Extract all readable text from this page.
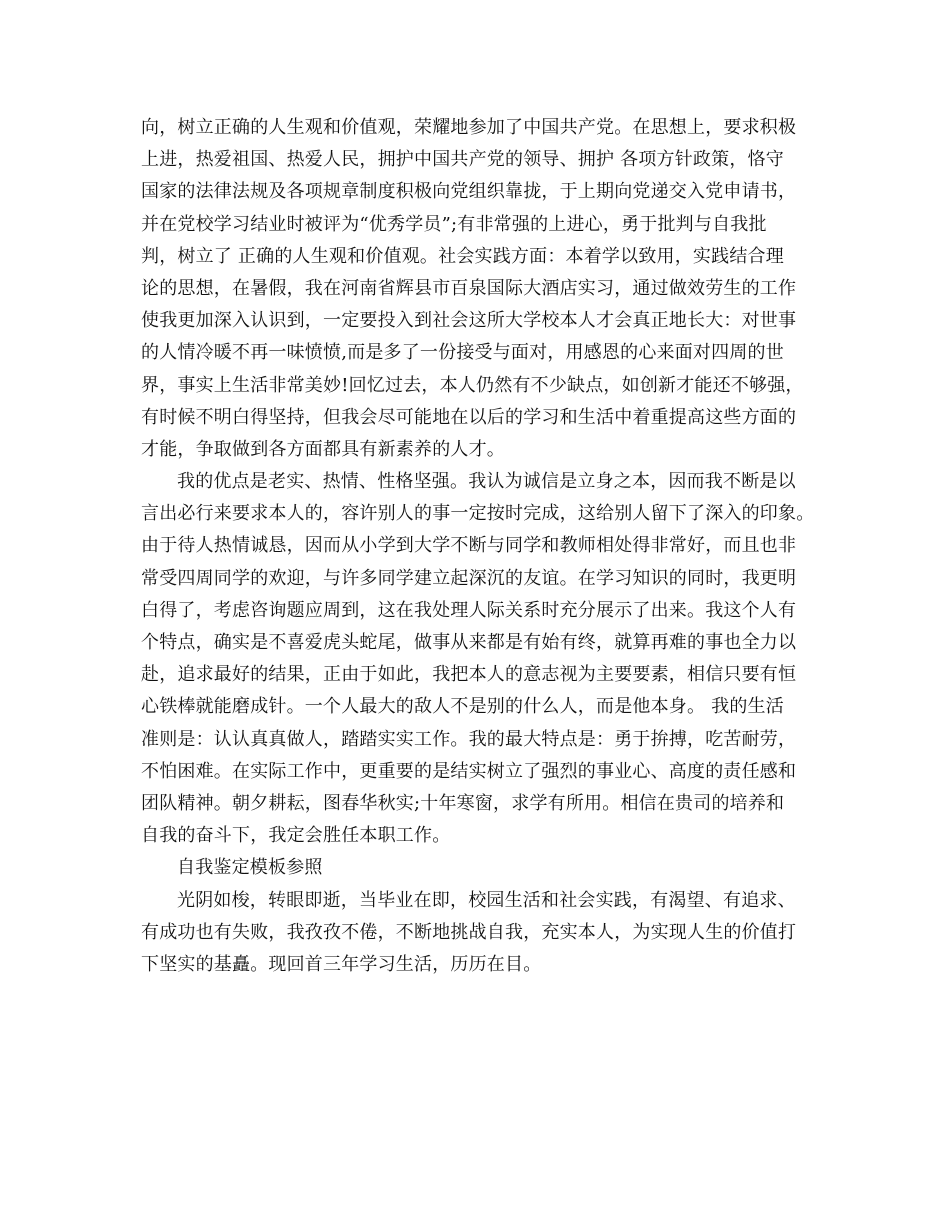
向，树立正确的人生观和价值观，荣耀地参加了中国共产党。在思想上，要求积极
上进，热爱祖国、热爱人民，拥护中国共产党的领导、拥护 各项方针政策，恪守
国家的法律法规及各项规章制度积极向党组织靠拢，于上期向党递交入党申请书，
并在党校学习结业时被评为“优秀学员”;有非常强的上进心，勇于批判与自我批
判，树立了 正确的人生观和价值观。社会实践方面：本着学以致用，实践结合理
论的思想，在暑假，我在河南省辉县市百泉国际大酒店实习，通过做效劳生的工作
使我更加深入认识到，一定要投入到社会这所大学校本人才会真正地长大：对世事
的人情冷暖不再一味愤愤,而是多了一份接受与面对，用感恩的心来面对四周的世
界，事实上生活非常美妙!回忆过去，本人仍然有不少缺点，如创新才能还不够强，
有时候不明白得坚持，但我会尽可能地在以后的学习和生活中着重提高这些方面的
才能，争取做到各方面都具有新素养的人才。
我的优点是老实、热情、性格坚强。我认为诚信是立身之本，因而我不断是以
言出必行来要求本人的，容许别人的事一定按时完成，这给别人留下了深入的印象。
由于待人热情诚恳，因而从小学到大学不断与同学和教师相处得非常好，而且也非
常受四周同学的欢迎，与许多同学建立起深沉的友谊。在学习知识的同时，我更明
白得了，考虑咨询题应周到，这在我处理人际关系时充分展示了出来。我这个人有
个特点，确实是不喜爱虎头蛇尾，做事从来都是有始有终，就算再难的事也全力以
赴，追求最好的结果，正由于如此，我把本人的意志视为主要要素，相信只要有恒
心铁棒就能磨成针。一个人最大的敌人不是别的什么人，而是他本身。 我的生活
准则是：认认真真做人，踏踏实实工作。我的最大特点是：勇于拚搏，吃苦耐劳，
不怕困难。在实际工作中，更重要的是结实树立了强烈的事业心、高度的责任感和
团队精神。朝夕耕耘，图春华秋实;十年寒窗，求学有所用。相信在贵司的培养和
自我的奋斗下，我定会胜任本职工作。
自我鉴定模板参照
光阴如梭，转眼即逝，当毕业在即，校园生活和社会实践，有渴望、有追求、
有成功也有失败，我孜孜不倦，不断地挑战自我，充实本人，为实现人生的价值打
下坚实的基矗。现回首三年学习生活，历历在目。
